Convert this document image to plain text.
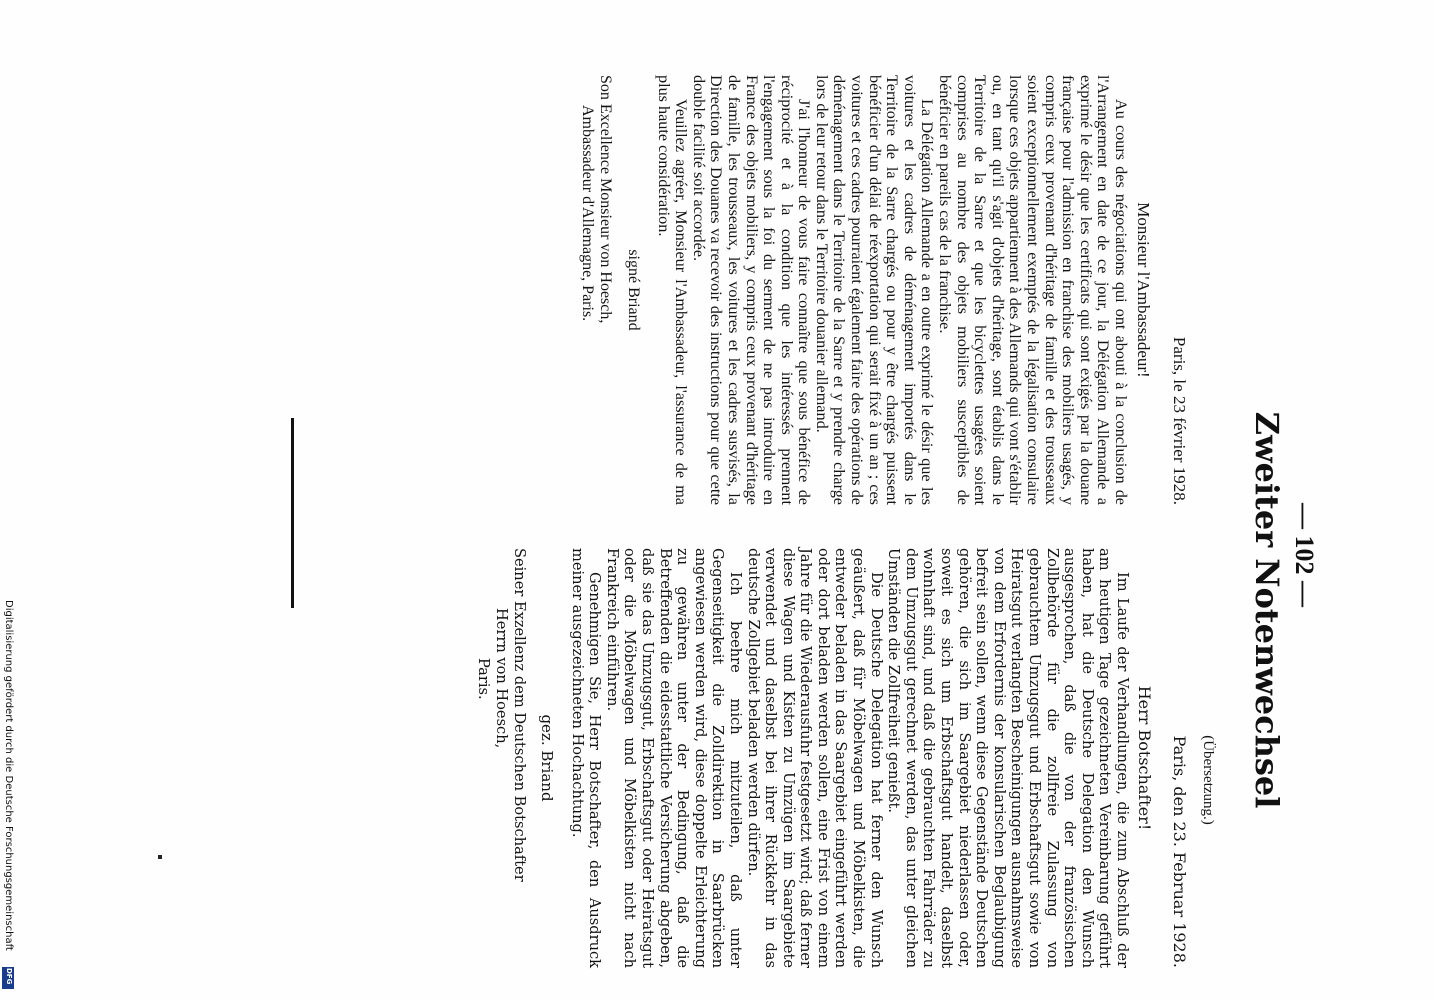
Digitalisierung gefördert durch die Deutsche Forschungsgemeinschaft
DFG
— 102 —
Zweiter Notenwechsel
(Übersetzung.)
Paris, le 23 février 1928.
Monsieur l'Ambassadeur!

Au cours des négociations qui ont abouti à la conclusion de l'Arrangement en date de ce jour, la Délégation Allemande a exprimé le désir que les certificats qui sont exigés par la douane française pour l'admission en franchise des mobiliers usagés, y compris ceux provenant d'héritage de famille et des trousseaux soient exceptionnellement exemptés de la légalisation consulaire lorsque ces objets appartiennent à des Allemands qui vont s'établir ou, en tant qu'il s'agit d'objets d'héritage, sont établis dans le Territoire de la Sarre et que les bicyclettes usagées soient comprises au nombre des objets mobiliers susceptibles de bénéficier en pareils cas de la franchise.

La Délégation Allemande a en outre exprimé le désir que les voitures et les cadres de déménagement importés dans le Territoire de la Sarre chargés ou pour y être chargés puissent bénéficier d'un délai de réexportation qui serait fixé à un an ; ces voitures et ces cadres pourraient également faire des opérations de déménagement dans le Territoire de la Sarre et y prendre charge lors de leur retour dans le Territoire douanier allemand.

J'ai l'honneur de vous faire connaître que sous bénéfice de réciprocité et à la condition que les intéressés prennent l'engagement sous la foi du serment de ne pas introduire en France des objets mobiliers, y compris ceux provenant d'héritage de famille, les trousseaux, les voitures et les cadres susvisés, la Direction des Douanes va recevoir des instructions pour que cette double facilité soit accordée.

Veuillez agréer, Monsieur l'Ambassadeur, l'assurance de ma plus haute considération.

signé Briand
Son Excellence Monsieur von Hoesch,
Ambassadeur d'Allemagne, Paris.
Paris, den 23. Februar 1928.
Herr Botschafter!

Im Laufe der Verhandlungen, die zum Abschluß der am heutigen Tage gezeichneten Vereinbarung geführt haben, hat die Deutsche Delegation den Wunsch ausgesprochen, daß die von der französischen Zollbehörde für die zollfreie Zulassung von gebrauchtem Umzugsgut und Erbschaftsgut sowie von Heiratsgut verlangten Bescheinigungen ausnahmsweise von dem Erfordernis der konsularischen Beglaubigung befreit sein sollen, wenn diese Gegenstände Deutschen gehören, die sich im Saargebiet niederlassen oder, soweit es sich um Erbschaftsgut handelt, daselbst wohnhaft sind, und daß die gebrauchten Fahrräder zu dem Umzugsgut gerechnet werden, das unter gleichen Umständen die Zollfreiheit genießt.

Die Deutsche Delegation hat ferner den Wunsch geäußert, daß für Möbelwagen und Möbelkisten, die entweder beladen in das Saargebiet eingeführt werden oder dort beladen werden sollen, eine Frist von einem Jahre für die Wiederausfuhr festgesetzt wird; daß ferner diese Wagen und Kisten zu Umzügen im Saargebiete verwendet und daselbst bei ihrer Rückkehr in das deutsche Zollgebiet beladen werden dürfen.

Ich beehre mich mitzuteilen, daß unter Gegenseitigkeit die Zolldirektion in Saarbrücken angewiesen werden wird, diese doppelte Erleichterung zu gewähren unter der Bedingung, daß die Betreffenden die eidesstattliche Versicherung abgeben, daß sie das Umzugsgut, Erbschaftsgut oder Heiratsgut oder die Möbelwagen und Möbelkisten nicht nach Frankreich einführen.

Genehmigen Sie, Herr Botschafter, den Ausdruck meiner ausgezeichneten Hochachtung.

gez. Briand
Seiner Exzellenz dem Deutschen Botschafter
Herrn von Hoesch,
Paris.
